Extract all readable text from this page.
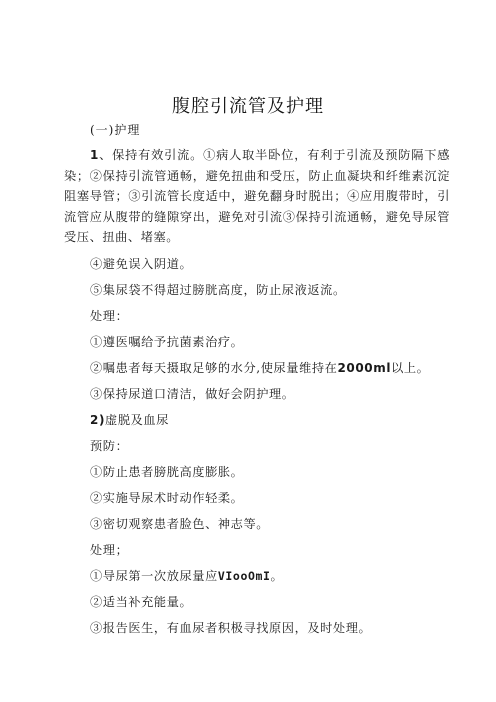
腹腔引流管及护理

(一)护理

1、保持有效引流。①病人取半卧位，有利于引流及预防隔下感染；②保持引流管通畅，避免扭曲和受压，防止血凝块和纤维素沉淀阻塞导管；③引流管长度适中，避免翻身时脱出；④应用腹带时，引流管应从腹带的缝隙穿出，避免对引流③保持引流通畅，避免导尿管受压、扭曲、堵塞。

④避免误入阴道。

⑤集尿袋不得超过膀胱高度，防止尿液返流。

处理：

①遵医嘱给予抗菌素治疗。

②嘱患者每天摄取足够的水分,使尿量维持在2000ml以上。

③保持尿道口清洁，做好会阴护理。

2)虚脱及血尿

预防：

①防止患者膀胱高度膨胀。

②实施导尿术时动作轻柔。

③密切观察患者脸色、神志等。

处理；

①导尿第一次放尿量应VIooOmI。

②适当补充能量。

③报告医生，有血尿者积极寻找原因，及时处理。
